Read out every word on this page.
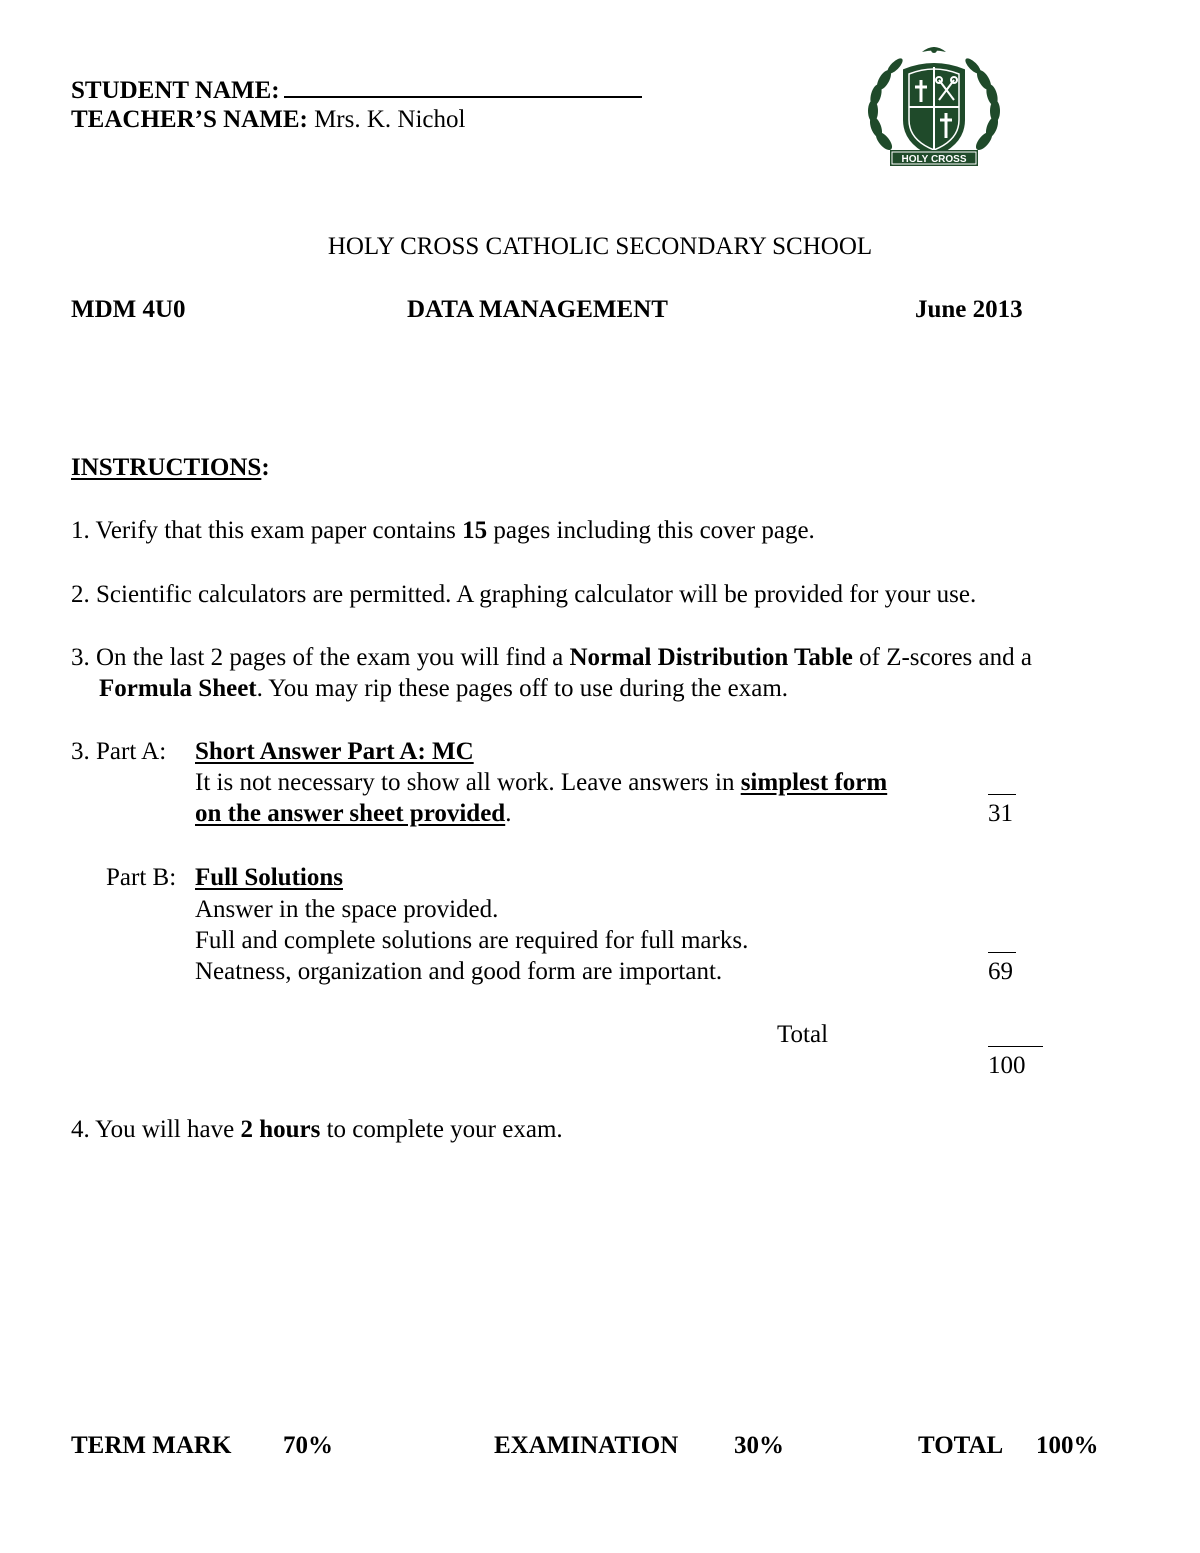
STUDENT NAME:
TEACHER’S NAME: Mrs. K. Nichol
HOLY CROSS
HOLY CROSS CATHOLIC SECONDARY SCHOOL
MDM 4U0	DATA MANAGEMENT	June 2013
INSTRUCTIONS:
1. Verify that this exam paper contains 15 pages including this cover page.
2. Scientific calculators are permitted. A graphing calculator will be provided for your use.
3. On the last 2 pages of the exam you will find a Normal Distribution Table of Z-scores and a
Formula Sheet. You may rip these pages off to use during the exam.
3. Part A: Short Answer Part A: MC
It is not necessary to show all work. Leave answers in simplest form
on the answer sheet provided.	31
Part B: Full Solutions
Answer in the space provided.
Full and complete solutions are required for full marks.
Neatness, organization and good form are important.	69
Total
100
4. You will have 2 hours to complete your exam.
TERM MARK 70%	EXAMINATION 30%	TOTAL 100%
